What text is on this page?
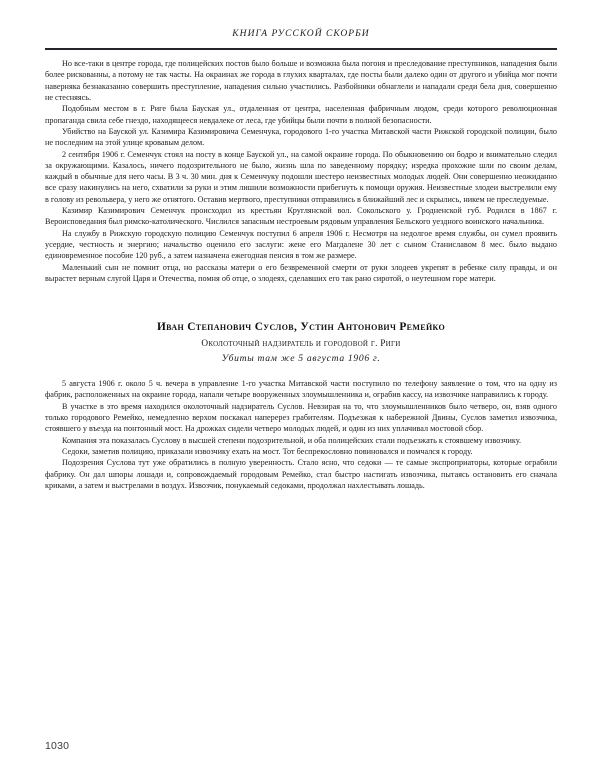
КНИГА РУССКОЙ СКОРБИ

Но все-таки в центре города, где полицейских постов было больше и возможна была погоня и преследование преступников, нападения были более рискованны, а потому не так часты. На окраинах же города в глухих кварталах, где посты были далеко один от другого и убийца мог почти наверняка безнаказанно совершить преступление, нападения сильно участились. Разбойники обнаглели и нападали среди бела дня, совершенно не стесняясь.

Подобным местом в г. Риге была Бауская ул., отдаленная от центра, населенная фабричным людом, среди которого революционная пропаганда свила себе гнездо, находящееся невдалеке от леса, где убийцы были почти в полной безопасности.

Убийство на Бауской ул. Казимира Казимировича Семенчука, городового 1-го участка Митавской части Рижской городской полиции, было не последним на этой улице кровавым делом.

2 сентября 1906 г. Семенчук стоял на посту в конце Бауской ул., на самой окраине города. По обыкновению он бодро и внимательно следил за окружающими. Казалось, ничего подозрительного не было, жизнь шла по заведенному порядку; изредка прохожие шли по своим делам, каждый в обычные для него часы. В 3 ч. 30 мин. дня к Семенчуку подошли шестеро неизвестных молодых людей. Они совершенно неожиданно все сразу накинулись на него, схватили за руки и этим лишили возможности прибегнуть к помощи оружия. Неизвестные злодеи выстрелили ему в голову из револьвера, у него же отнятого. Оставив мертвого, преступники отправились в ближайший лес и скрылись, никем не преследуемые.

Казимир Казимирович Семенчук происходил из крестьян Круглянской вол. Сокольского у. Гродненской губ. Родился в 1867 г. Вероисповедания был римско-католического. Числился запасным нестроевым рядовым управления Бельского уездного воинского начальника.

На службу в Рижскую городскую полицию Семенчук поступил 6 апреля 1906 г. Несмотря на недолгое время службы, он сумел проявить усердие, честность и энергию; начальство оценило его заслуги: жене его Магдалене 30 лет с сыном Станиславом 8 мес. было выдано единовременное пособие 120 руб., а затем назначена ежегодная пенсия в том же размере.

Маленький сын не помнит отца, но рассказы матери о его безвременной смерти от руки злодеев укрепят в ребенке силу правды, и он вырастет верным слугой Царя и Отечества, помня об отце, о злодеях, сделавших его так рано сиротой, о неутешном горе матери.

Иван Степанович Суслов, Устин Антонович Ремейко
Околоточный надзиратель и городовой г. Риги
Убиты там же 5 августа 1906 г.

5 августа 1906 г. около 5 ч. вечера в управление 1-го участка Митавской части поступило по телефону заявление о том, что на одну из фабрик, расположенных на окраине города, напали четыре вооруженных злоумышленника и, ограбив кассу, на извозчике направились к городу.

В участке в это время находился околоточный надзиратель Суслов. Невзирая на то, что злоумышленников было четверо, он, взяв одного только городового Ремейко, немедленно верхом поскакал наперерез грабителям. Подъезжая к набережной Двины, Суслов заметил извозчика, стоявшего у въезда на понтонный мост. На дрожках сидели четверо молодых людей, и один из них уплачивал мостовой сбор.

Компания эта показалась Суслову в высшей степени подозрительной, и оба полицейских стали подъезжать к стоявшему извозчику.

Седоки, заметив полицию, приказали извозчику ехать на мост. Тот беспрекословно повиновался и помчался к городу.

Подозрения Суслова тут уже обратились в полную уверенность. Стало ясно, что седоки — те самые экспроприаторы, которые ограбили фабрику. Он дал шпоры лошади и, сопровождаемый городовым Ремейко, стал быстро настигать извозчика, пытаясь остановить его сначала криками, а затем и выстрелами в воздух. Извозчик, понукаемый седоками, продолжал нахлестывать лошадь.

1030
